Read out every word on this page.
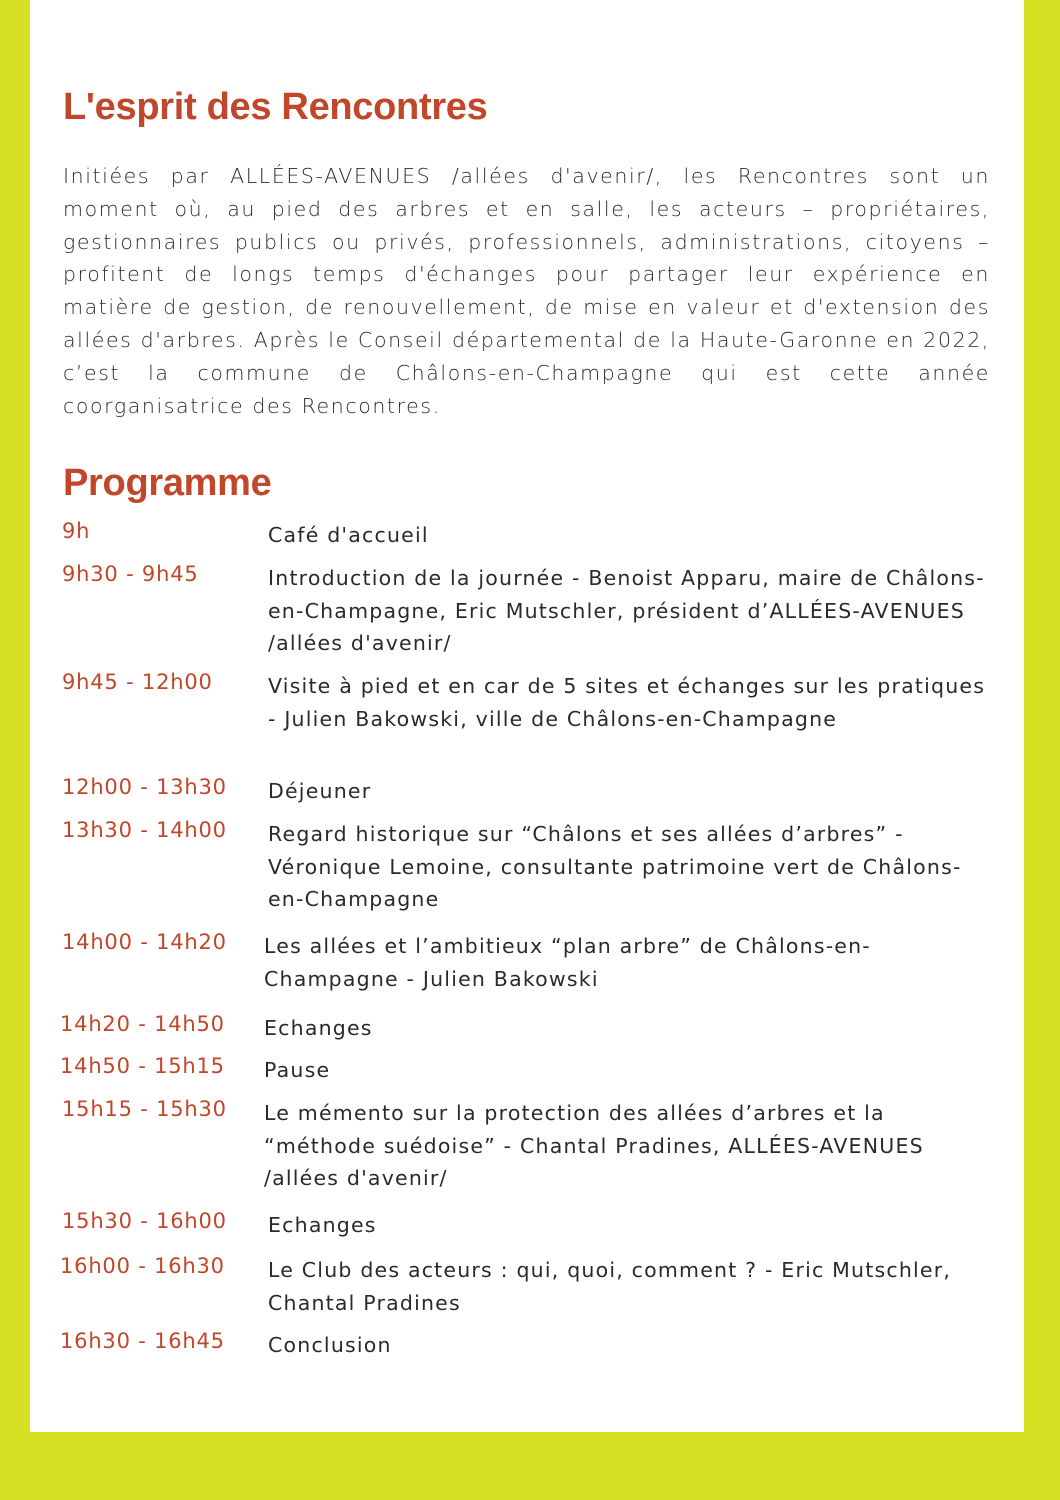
L'esprit des Rencontres

Initiées par ALLÉES-AVENUES /allées d'avenir/, les Rencontres sont un moment où, au pied des arbres et en salle, les acteurs – propriétaires, gestionnaires publics ou privés, professionnels, administrations, citoyens – profitent de longs temps d'échanges pour partager leur expérience en matière de gestion, de renouvellement, de mise en valeur et d'extension des allées d'arbres. Après le Conseil départemental de la Haute-Garonne en 2022, c’est la commune de Châlons-en-Champagne qui est cette année coorganisatrice des Rencontres.

Programme
9h	Café d'accueil
9h30 - 9h45	Introduction de la journée - Benoist Apparu, maire de Châlons-en-Champagne, Eric Mutschler, président d’ALLÉES-AVENUES /allées d'avenir/
9h45 - 12h00	Visite à pied et en car de 5 sites et échanges sur les pratiques - Julien Bakowski, ville de Châlons-en-Champagne
12h00 - 13h30 Déjeuner
13h30 - 14h00 Regard historique sur “Châlons et ses allées d’arbres” - Véronique Lemoine, consultante patrimoine vert de Châlons-en-Champagne
14h00 - 14h20 Les allées et l’ambitieux “plan arbre” de Châlons-en-Champagne - Julien Bakowski
14h20 - 14h50 Echanges
14h50 - 15h15 Pause
15h15 - 15h30 Le mémento sur la protection des allées d’arbres et la “méthode suédoise” - Chantal Pradines, ALLÉES-AVENUES /allées d'avenir/
15h30 - 16h00 Echanges
16h00 - 16h30 Le Club des acteurs : qui, quoi, comment ? - Eric Mutschler, Chantal Pradines
16h30 - 16h45 Conclusion
